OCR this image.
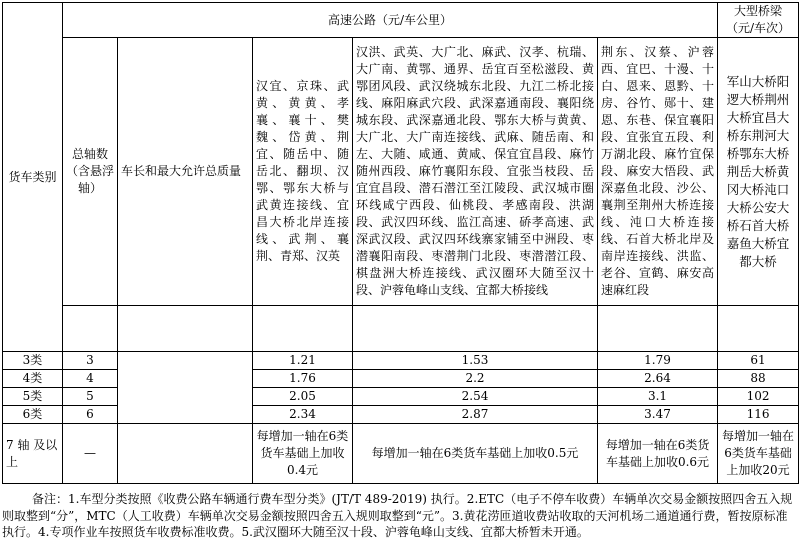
货车类别	高速公路（元/车公里）					大型桥梁（元/车次）
	总轴数（含悬浮轴）	车长和最大允许总质量	汉宜、京珠、武黄、黄黄、孝襄、襄十、樊魏、岱黄、荆宜、随岳中、随岳北、翻坝、汉鄂、鄂东大桥与武黄连接线、宜昌大桥北岸连接线、武荆、襄荆、青郑、汉英	汉洪、武英、大广北、麻武、汉孝、杭瑞、大广南、黄鄂、通界、岳宜百至松滋段、黄鄂团风段、武汉绕城东北段、九江二桥北接线、麻阳麻武穴段、武深嘉通南段、襄阳绕城东段、武深嘉通北段、鄂东大桥与黄黄、大广北、大广南连接线、武麻、随岳南、和左、大随、咸通、黄咸、保宜宜昌段、麻竹随州西段、麻竹襄阳东段、宜张当枝段、岳宜宜昌段、潜石潜江至江陵段、武汉城市圈环线咸宁西段、仙桃段、孝感南段、洪湖段、武汉四环线、监江高速、硚孝高速、武深武汉段、武汉四环线寨家铺至中洲段、枣潜襄阳南段、枣潜荆门北段、枣潜潜江段、棋盘洲大桥连接线、武汉圈环大随至汉十段、沪蓉龟峰山支线、宜都大桥接线	荆东、汉蔡、沪蓉西、宜巴、十漫、十白、恩来、恩黔、十房、谷竹、郧十、建恩、东巷、保宜襄阳段、宜张宜五段、利万湖北段、麻竹宜保段、麻安大悟段、武深嘉鱼北段、沙公、襄荆至荆州大桥连接线、沌口大桥连接线、石首大桥北岸及南岸连接线、洪监、老谷、宣鹤、麻安高速麻红段	军山大桥阳逻大桥荆州大桥宜昌大桥东荆河大桥鄂东大桥荆岳大桥黄冈大桥沌口大桥公安大桥石首大桥嘉鱼大桥宜都大桥

3类	3		1.21	1.53	1.79	61
4类	4		1.76	2.2	2.64	88
5类	5		2.05	2.54	3.1	102
6类	6		2.34	2.87	3.47	116
7 轴 及以上	—		每增加一轴在6类货车基础上加收0.4元	每增加一轴在6类货车基础上加收0.5元	每增加一轴在6类货车基础上加收0.6元	每增加一轴在6类货车基础上加收20元
备注：1.车型分类按照《收费公路车辆通行费车型分类》(JT/T 489-2019) 执行。2.ETC（电子不停车收费）车辆单次交易金额按照四舍五入规则取整到“分”，MTC（人工收费）车辆单次交易金额按照四舍五入规则取整到“元”。3.黄花涝匝道收费站收取的天河机场二通道通行费，暂按原标准执行。4.专项作业车按照货车收费标准收费。5.武汉圈环大随至汉十段、沪蓉龟峰山支线、宜都大桥暂未开通。
